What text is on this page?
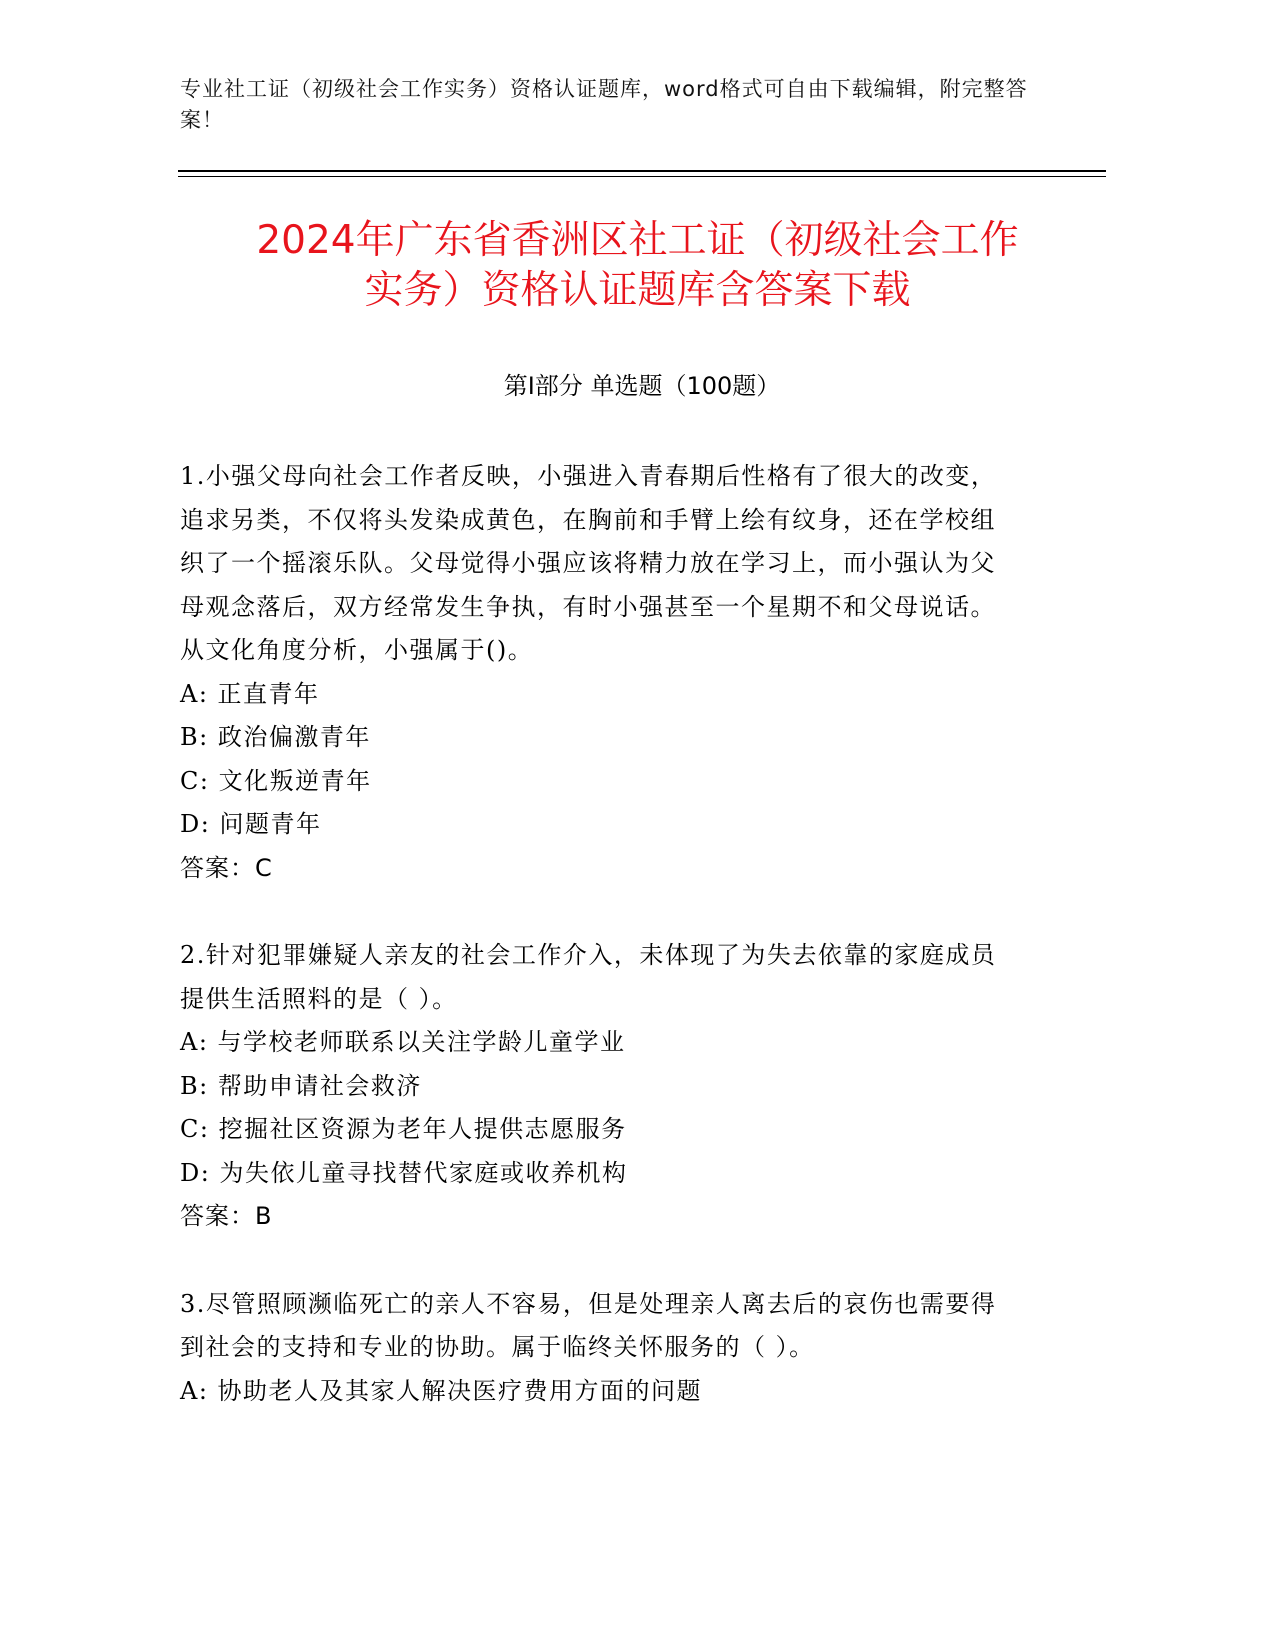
专业社工证（初级社会工作实务）资格认证题库，word格式可自由下载编辑，附完整答案！
2024年广东省香洲区社工证（初级社会工作
实务）资格认证题库含答案下载
第Ⅰ部分 单选题（100题）
1.小强父母向社会工作者反映，小强进入青春期后性格有了很大的改变，追求另类，不仅将头发染成黄色，在胸前和手臂上绘有纹身，还在学校组织了一个摇滚乐队。父母觉得小强应该将精力放在学习上，而小强认为父母观念落后，双方经常发生争执，有时小强甚至一个星期不和父母说话。从文化角度分析，小强属于()。
A: 正直青年
B: 政治偏激青年
C: 文化叛逆青年
D: 问题青年
答案：C
2.针对犯罪嫌疑人亲友的社会工作介入，未体现了为失去依靠的家庭成员提供生活照料的是（ ）。
A: 与学校老师联系以关注学龄儿童学业
B: 帮助申请社会救济
C: 挖掘社区资源为老年人提供志愿服务
D: 为失依儿童寻找替代家庭或收养机构
答案：B
3.尽管照顾濒临死亡的亲人不容易，但是处理亲人离去后的哀伤也需要得到社会的支持和专业的协助。属于临终关怀服务的（ ）。
A: 协助老人及其家人解决医疗费用方面的问题
